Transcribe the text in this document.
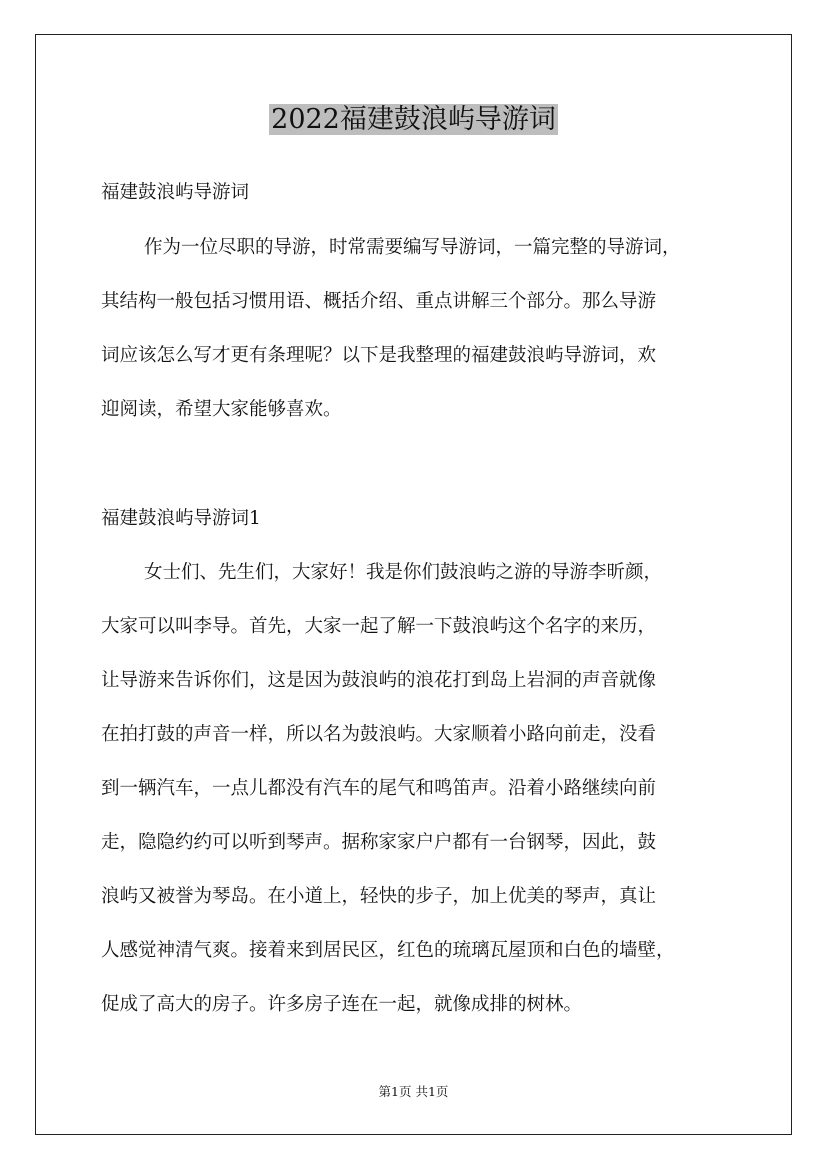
2022福建鼓浪屿导游词
福建鼓浪屿导游词
作为一位尽职的导游，时常需要编写导游词，一篇完整的导游词，
其结构一般包括习惯用语、概括介绍、重点讲解三个部分。那么导游
词应该怎么写才更有条理呢？以下是我整理的福建鼓浪屿导游词，欢
迎阅读，希望大家能够喜欢。
福建鼓浪屿导游词1
女士们、先生们，大家好！我是你们鼓浪屿之游的导游李昕颜，
大家可以叫李导。首先，大家一起了解一下鼓浪屿这个名字的来历，
让导游来告诉你们，这是因为鼓浪屿的浪花打到岛上岩洞的声音就像
在拍打鼓的声音一样，所以名为鼓浪屿。大家顺着小路向前走，没看
到一辆汽车，一点儿都没有汽车的尾气和鸣笛声。沿着小路继续向前
走，隐隐约约可以听到琴声。据称家家户户都有一台钢琴，因此，鼓
浪屿又被誉为琴岛。在小道上，轻快的步子，加上优美的琴声，真让
人感觉神清气爽。接着来到居民区，红色的琉璃瓦屋顶和白色的墙壁，
促成了高大的房子。许多房子连在一起，就像成排的树林。
第1页 共1页
